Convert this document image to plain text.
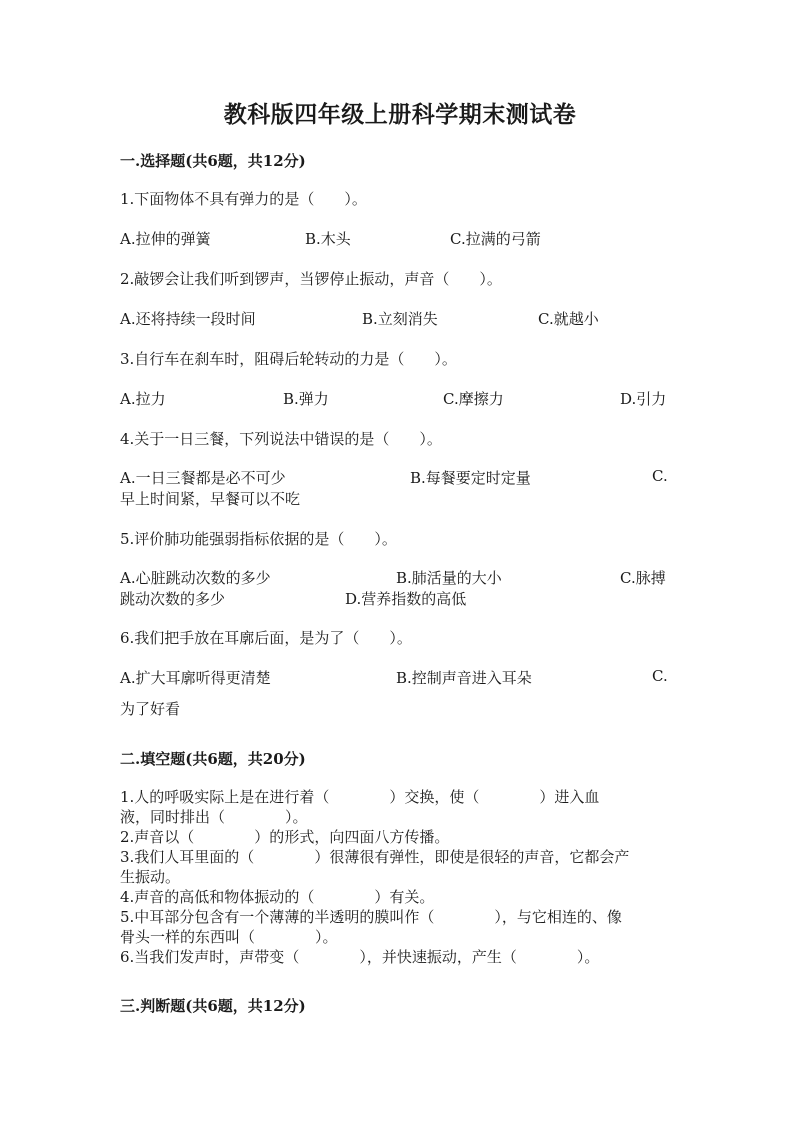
教科版四年级上册科学期末测试卷
一.选择题(共6题，共12分)
1.下面物体不具有弹力的是（　　）。
A.拉伸的弹簧	B.木头	C.拉满的弓箭
2.敲锣会让我们听到锣声，当锣停止振动，声音（　　）。
A.还将持续一段时间	B.立刻消失	C.就越小
3.自行车在刹车时，阻碍后轮转动的力是（　　）。
A.拉力	B.弹力	C.摩擦力	D.引力
4.关于一日三餐，下列说法中错误的是（　　）。
A.一日三餐都是必不可少	B.每餐要定时定量	C.
早上时间紧，早餐可以不吃
5.评价肺功能强弱指标依据的是（　　）。
A.心脏跳动次数的多少	B.肺活量的大小	C.脉搏
跳动次数的多少	D.营养指数的高低
6.我们把手放在耳廓后面，是为了（　　）。
A.扩大耳廓听得更清楚	B.控制声音进入耳朵	C.
为了好看
二.填空题(共6题，共20分)
1.人的呼吸实际上是在进行着（　　　　）交换，使（　　　　）进入血
液，同时排出（　　　　）。
2.声音以（　　　　）的形式，向四面八方传播。
3.我们人耳里面的（　　　　）很薄很有弹性，即使是很轻的声音，它都会产
生振动。
4.声音的高低和物体振动的（　　　　）有关。
5.中耳部分包含有一个薄薄的半透明的膜叫作（　　　　），与它相连的、像
骨头一样的东西叫（　　　　）。
6.当我们发声时，声带变（　　　　），并快速振动，产生（　　　　）。
三.判断题(共6题，共12分)
